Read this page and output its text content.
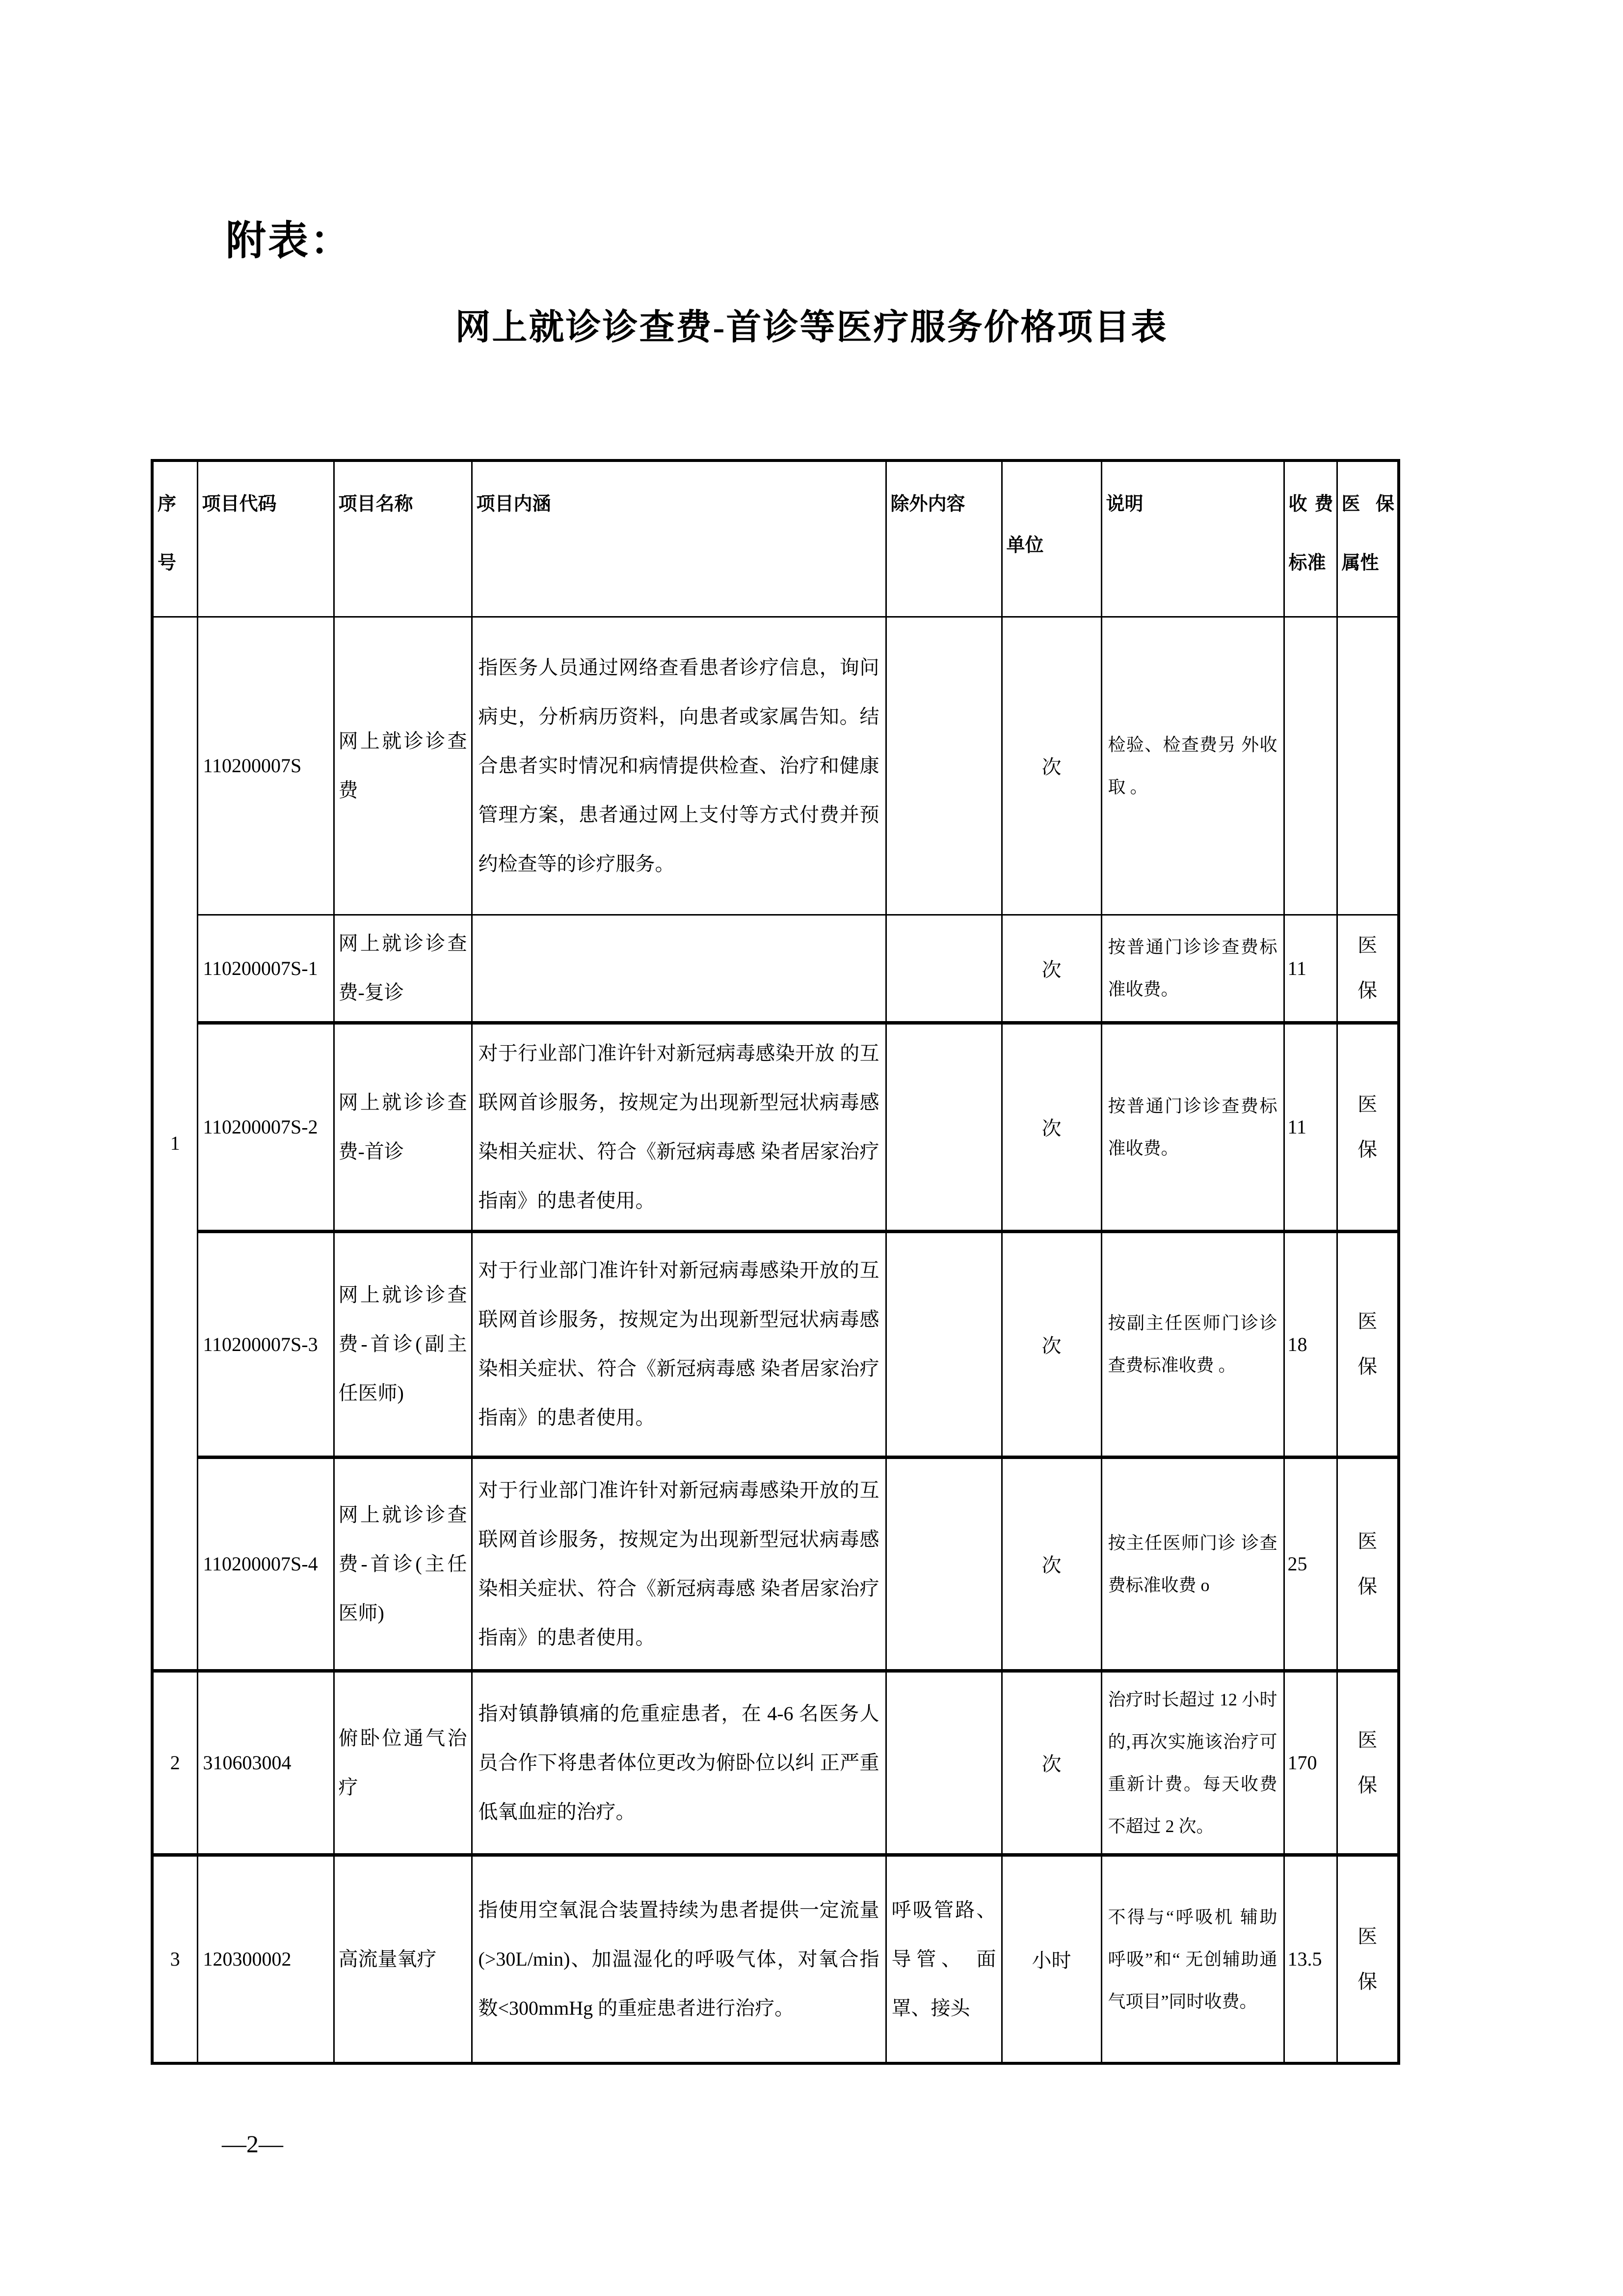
附表：
网上就诊诊查费-首诊等医疗服务价格项目表
序号	项目代码	项目名称	项目内涵	除外内容	单位	说明	收费标准	医保属性
1	110200007S	网上就诊诊查费	指医务人员通过网络查看患者诊疗信息，询问病史，分析病历资料，向患者或家属告知。结合患者实时情况和病情提供检查、治疗和健康管理方案，患者通过网上支付等方式付费并预约检查等的诊疗服务。		次	检验、检查费另 外收取 。		
	110200007S-1	网上就诊诊查费-复诊			次	按普通门诊诊查费标准收费。	11	医保
	110200007S-2	网上就诊诊查费-首诊	对于行业部门准许针对新冠病毒感染开放 的互联网首诊服务，按规定为出现新型冠状病毒感染相关症状、符合《新冠病毒感 染者居家治疗指南》的患者使用。		次	按普通门诊诊查费标准收费。	11	医保
	110200007S-3	网上就诊诊查费-首诊(副主任医师)	对于行业部门准许针对新冠病毒感染开放的互联网首诊服务，按规定为出现新型冠状病毒感染相关症状、符合《新冠病毒感 染者居家治疗指南》的患者使用。		次	按副主任医师门诊诊查费标准收费 。	18	医保
	110200007S-4	网上就诊诊查费-首诊(主任医师)	对于行业部门准许针对新冠病毒感染开放的互联网首诊服务，按规定为出现新型冠状病毒感染相关症状、符合《新冠病毒感 染者居家治疗指南》的患者使用。		次	按主任医师门诊 诊查费标准收费 o	25	医保
2	310603004	俯卧位通气治疗	指对镇静镇痛的危重症患者，在 4-6 名医务人员合作下将患者体位更改为俯卧位以纠 正严重低氧血症的治疗。		次	治疗时长超过 12 小时的,再次实施该治疗可重新计费。每天收费不超过 2 次。	170	医保
3	120300002	高流量氧疗	指使用空氧混合装置持续为患者提供一定流量(>30L/min)、加温湿化的呼吸气体，对氧合指数<300mmHg 的重症患者进行治疗。	呼吸管路、 导管、 面罩、接头	小时	不得与“呼吸机 辅助呼吸”和“ 无创辅助通气项目”同时收费。	13.5	医保
—2—
